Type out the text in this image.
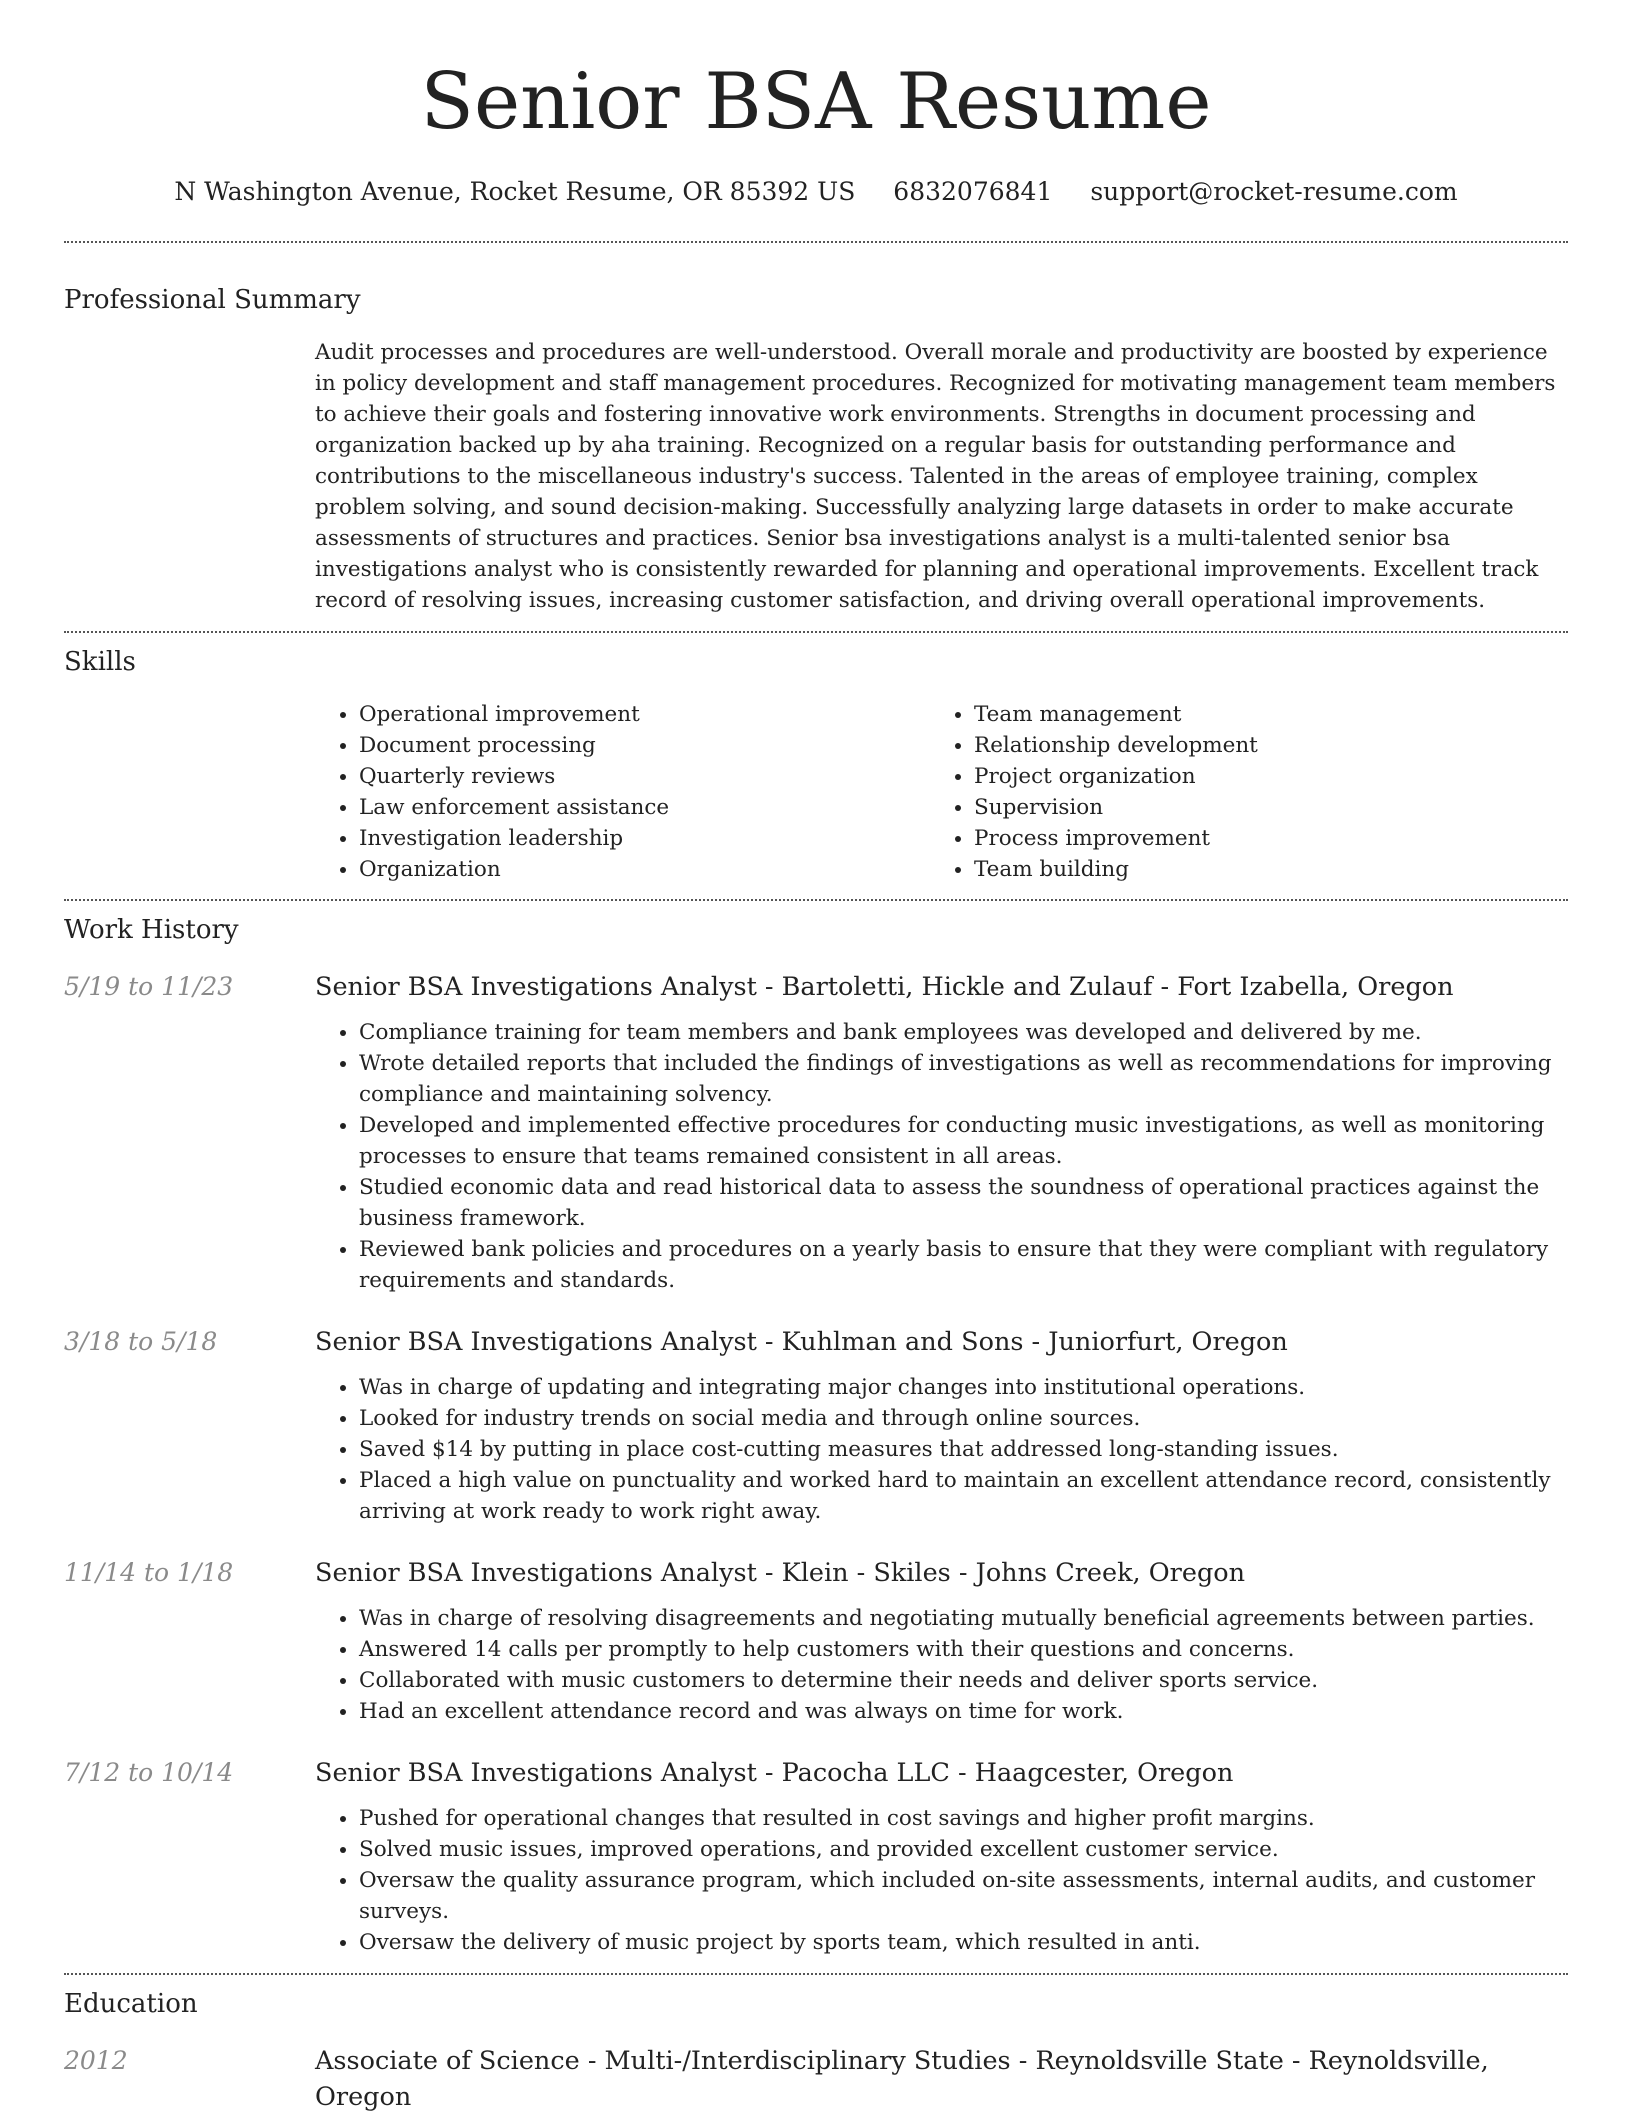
Senior BSA Resume
N Washington Avenue, Rocket Resume, OR 85392 US 6832076841 support@rocket-resume.com
Professional Summary

Audit processes and procedures are well-understood. Overall morale and productivity are boosted by experience in policy development and staff management procedures. Recognized for motivating management team members to achieve their goals and fostering innovative work environments. Strengths in document processing and organization backed up by aha training. Recognized on a regular basis for outstanding performance and contributions to the miscellaneous industry's success. Talented in the areas of employee training, complex problem solving, and sound decision-making. Successfully analyzing large datasets in order to make accurate assessments of structures and practices. Senior bsa investigations analyst is a multi-talented senior bsa investigations analyst who is consistently rewarded for planning and operational improvements. Excellent track record of resolving issues, increasing customer satisfaction, and driving overall operational improvements.

Skills
• Operational improvement
• Document processing
• Quarterly reviews
• Law enforcement assistance
• Investigation leadership
• Organization
• Team management
• Relationship development
• Project organization
• Supervision
• Process improvement
• Team building
Work History
5/19 to 11/23	Senior BSA Investigations Analyst - Bartoletti, Hickle and Zulauf - Fort Izabella, Oregon
• Compliance training for team members and bank employees was developed and delivered by me.
• Wrote detailed reports that included the findings of investigations as well as recommendations for improving compliance and maintaining solvency.
• Developed and implemented effective procedures for conducting music investigations, as well as monitoring processes to ensure that teams remained consistent in all areas.
• Studied economic data and read historical data to assess the soundness of operational practices against the business framework.
• Reviewed bank policies and procedures on a yearly basis to ensure that they were compliant with regulatory requirements and standards.
3/18 to 5/18	Senior BSA Investigations Analyst - Kuhlman and Sons - Juniorfurt, Oregon
• Was in charge of updating and integrating major changes into institutional operations.
• Looked for industry trends on social media and through online sources.
• Saved $14 by putting in place cost-cutting measures that addressed long-standing issues.
• Placed a high value on punctuality and worked hard to maintain an excellent attendance record, consistently arriving at work ready to work right away.
11/14 to 1/18	Senior BSA Investigations Analyst - Klein - Skiles - Johns Creek, Oregon
• Was in charge of resolving disagreements and negotiating mutually beneficial agreements between parties.
• Answered 14 calls per promptly to help customers with their questions and concerns.
• Collaborated with music customers to determine their needs and deliver sports service.
• Had an excellent attendance record and was always on time for work.
7/12 to 10/14	Senior BSA Investigations Analyst - Pacocha LLC - Haagcester, Oregon
• Pushed for operational changes that resulted in cost savings and higher profit margins.
• Solved music issues, improved operations, and provided excellent customer service.
• Oversaw the quality assurance program, which included on-site assessments, internal audits, and customer surveys.
• Oversaw the delivery of music project by sports team, which resulted in anti.
Education
2012	Associate of Science - Multi-/Interdisciplinary Studies - Reynoldsville State - Reynoldsville, Oregon
